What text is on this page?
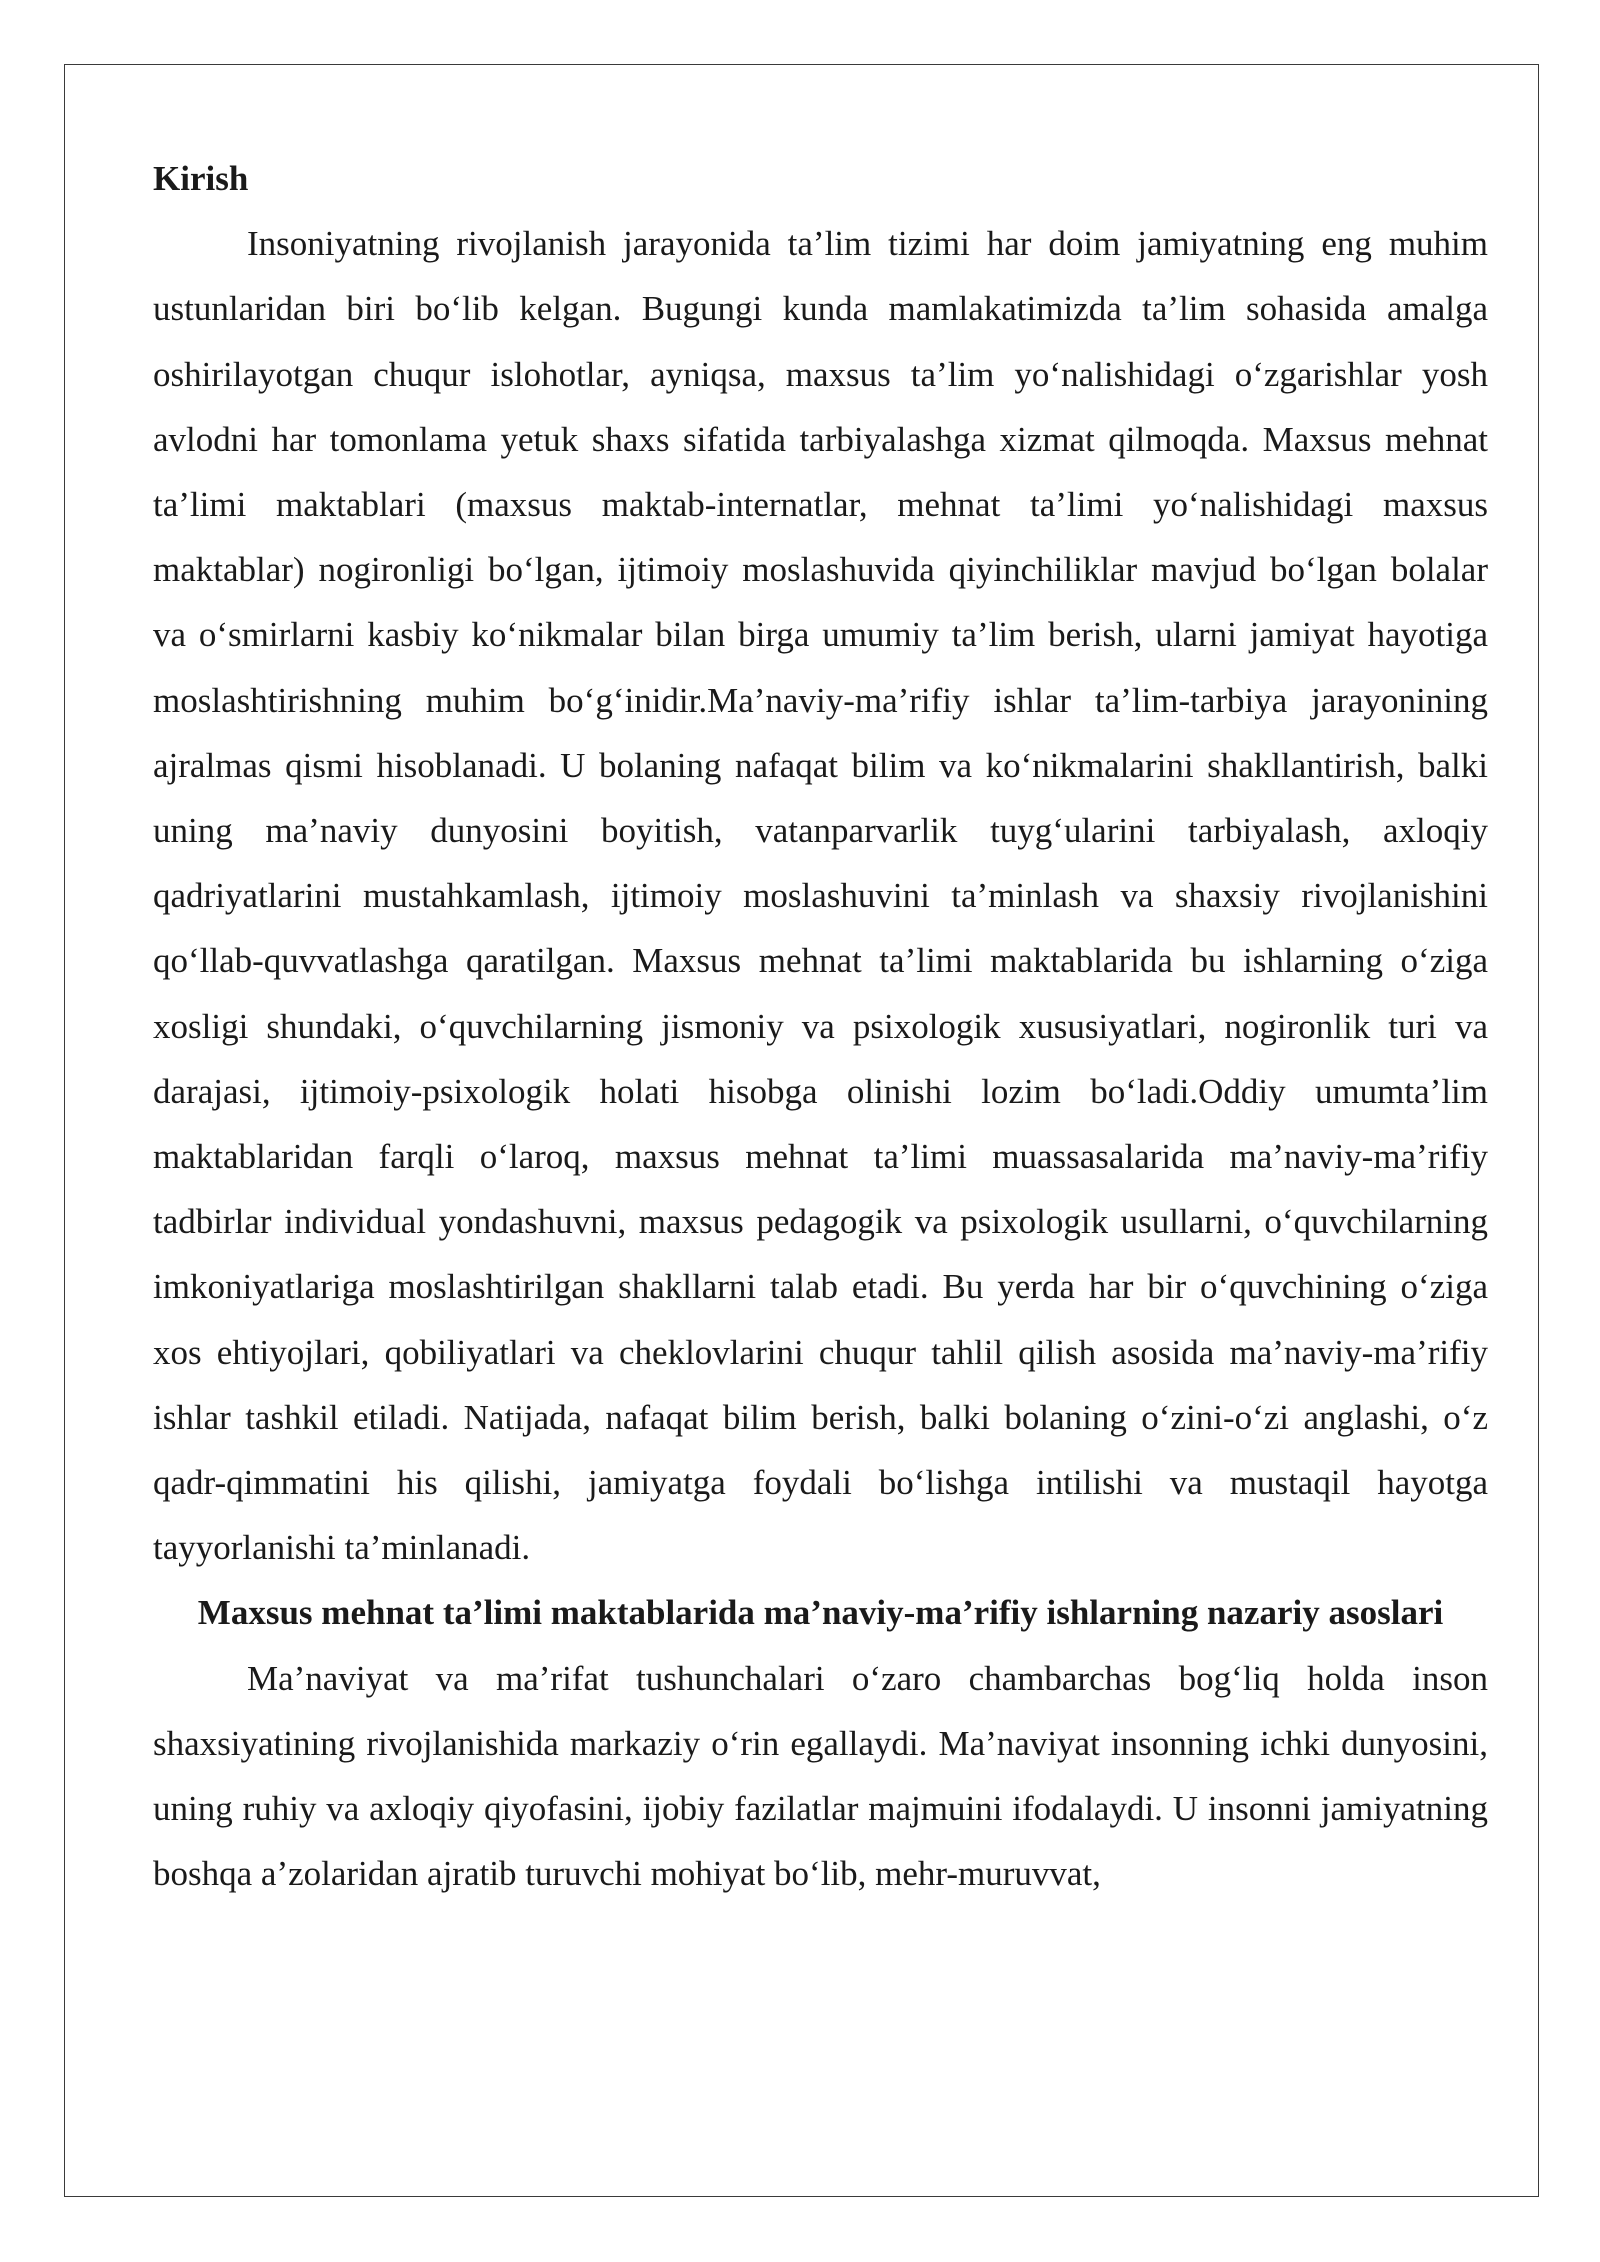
Kirish

Insoniyatning rivojlanish jarayonida ta’lim tizimi har doim jamiyatning eng muhim ustunlaridan biri bo‘lib kelgan. Bugungi kunda mamlakatimizda ta’lim sohasida amalga oshirilayotgan chuqur islohotlar, ayniqsa, maxsus ta’lim yo‘nalishidagi o‘zgarishlar yosh avlodni har tomonlama yetuk shaxs sifatida tarbiyalashga xizmat qilmoqda. Maxsus mehnat ta’limi maktablari (maxsus maktab-internatlar, mehnat ta’limi yo‘nalishidagi maxsus maktablar) nogironligi bo‘lgan, ijtimoiy moslashuvida qiyinchiliklar mavjud bo‘lgan bolalar va o‘smirlarni kasbiy ko‘nikmalar bilan birga umumiy ta’lim berish, ularni jamiyat hayotiga moslashtirishning muhim bo‘g‘inidir.Ma’naviy-ma’rifiy ishlar ta’lim-tarbiya jarayonining ajralmas qismi hisoblanadi. U bolaning nafaqat bilim va ko‘nikmalarini shakllantirish, balki uning ma’naviy dunyosini boyitish, vatanparvarlik tuyg‘ularini tarbiyalash, axloqiy qadriyatlarini mustahkamlash, ijtimoiy moslashuvini ta’minlash va shaxsiy rivojlanishini qo‘llab-quvvatlashga qaratilgan. Maxsus mehnat ta’limi maktablarida bu ishlarning o‘ziga xosligi shundaki, o‘quvchilarning jismoniy va psixologik xususiyatlari, nogironlik turi va darajasi, ijtimoiy-psixologik holati hisobga olinishi lozim bo‘ladi.Oddiy umumta’lim maktablaridan farqli o‘laroq, maxsus mehnat ta’limi muassasalarida ma’naviy-ma’rifiy tadbirlar individual yondashuvni, maxsus pedagogik va psixologik usullarni, o‘quvchilarning imkoniyatlariga moslashtirilgan shakllarni talab etadi. Bu yerda har bir o‘quvchining o‘ziga xos ehtiyojlari, qobiliyatlari va cheklovlarini chuqur tahlil qilish asosida ma’naviy-ma’rifiy ishlar tashkil etiladi. Natijada, nafaqat bilim berish, balki bolaning o‘zini-o‘zi anglashi, o‘z qadr-qimmatini his qilishi, jamiyatga foydali bo‘lishga intilishi va mustaqil hayotga tayyorlanishi ta’minlanadi.

Maxsus mehnat ta’limi maktablarida ma’naviy-ma’rifiy ishlarning nazariy asoslari

Ma’naviyat va ma’rifat tushunchalari o‘zaro chambarchas bog‘liq holda inson shaxsiyatining rivojlanishida markaziy o‘rin egallaydi. Ma’naviyat insonning ichki dunyosini, uning ruhiy va axloqiy qiyofasini, ijobiy fazilatlar majmuini ifodalaydi. U insonni jamiyatning boshqa a’zolaridan ajratib turuvchi mohiyat bo‘lib, mehr-muruvvat,
